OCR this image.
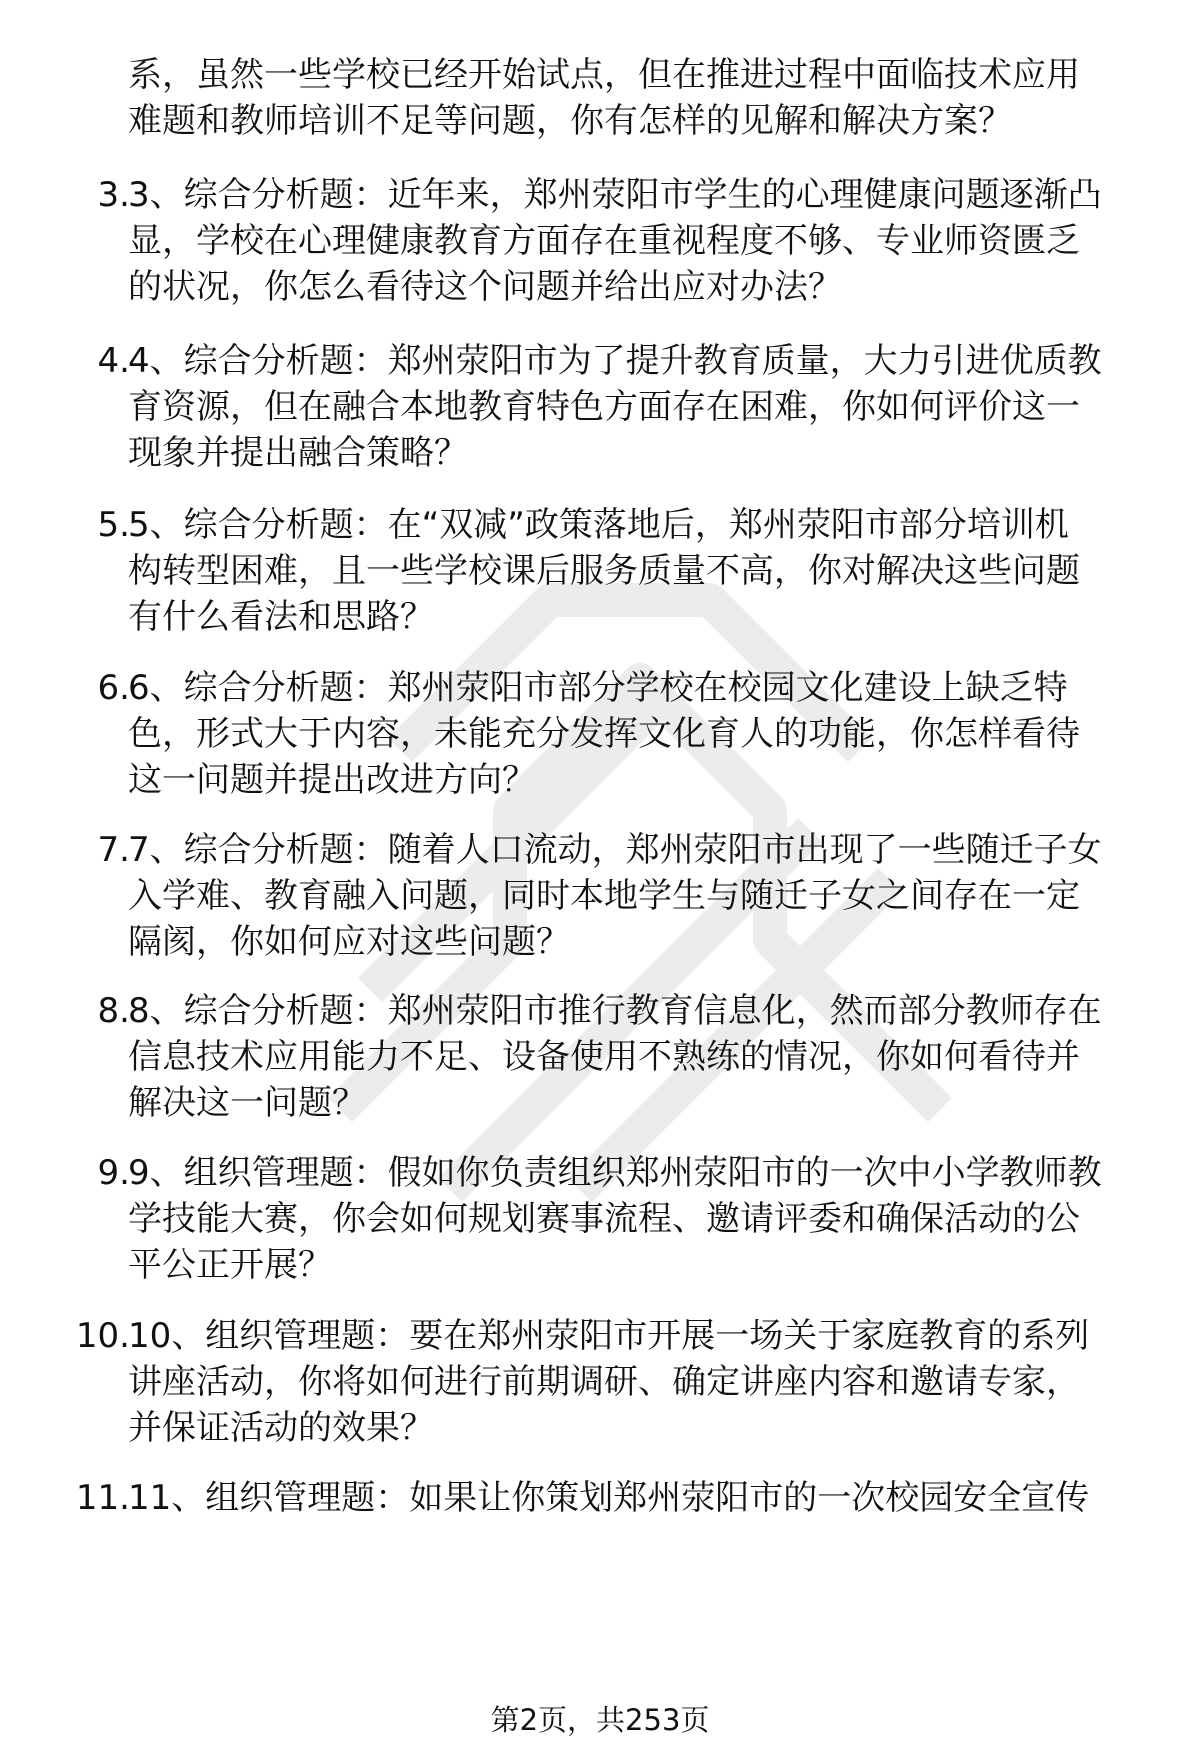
系，虽然一些学校已经开始试点，但在推进过程中面临技术应用
难题和教师培训不足等问题，你有怎样的见解和解决方案？
3.
3、综合分析题：近年来，郑州荥阳市学生的心理健康问题逐渐凸
显，学校在心理健康教育方面存在重视程度不够、专业师资匮乏
的状况，你怎么看待这个问题并给出应对办法？
4.
4、综合分析题：郑州荥阳市为了提升教育质量，大力引进优质教
育资源，但在融合本地教育特色方面存在困难，你如何评价这一
现象并提出融合策略？
5.
5、综合分析题：在“双减”政策落地后，郑州荥阳市部分培训机
构转型困难，且一些学校课后服务质量不高，你对解决这些问题
有什么看法和思路？
6.
6、综合分析题：郑州荥阳市部分学校在校园文化建设上缺乏特
色，形式大于内容，未能充分发挥文化育人的功能，你怎样看待
这一问题并提出改进方向？
7.
7、综合分析题：随着人口流动，郑州荥阳市出现了一些随迁子女
入学难、教育融入问题，同时本地学生与随迁子女之间存在一定
隔阂，你如何应对这些问题？
8.
8、综合分析题：郑州荥阳市推行教育信息化，然而部分教师存在
信息技术应用能力不足、设备使用不熟练的情况，你如何看待并
解决这一问题？
9.
9、组织管理题：假如你负责组织郑州荥阳市的一次中小学教师教
学技能大赛，你会如何规划赛事流程、邀请评委和确保活动的公
平公正开展？
10.
10、组织管理题：要在郑州荥阳市开展一场关于家庭教育的系列
讲座活动，你将如何进行前期调研、确定讲座内容和邀请专家，
并保证活动的效果？
11.
11、组织管理题：如果让你策划郑州荥阳市的一次校园安全宣传
第2页，共253页
